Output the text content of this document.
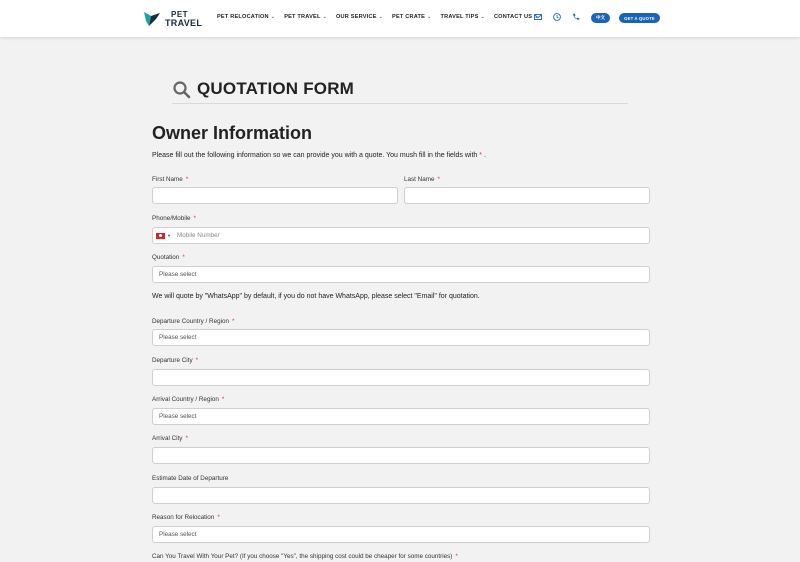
PET
TRAVEL
PET RELOCATION ⌄ PET TRAVEL ⌄ OUR SERVICE ⌄ PET CRATE ⌄ TRAVEL TIPS ⌄ CONTACT US ⌄	中文	GET A QUOTE
QUOTATION FORM
Owner Information
Please fill out the following information so we can provide you with a quote. You mush fill in the fields with * .
First Name *	Last Name *
Phone/Mobile *
▼ Mobile Number
Quotation *
Please select
We will quote by "WhatsApp" by default, if you do not have WhatsApp, please select "Email" for quotation.
Departure Country / Region *
Please select
Departure City *
Arrival Country / Region *
Please select
Arrival City *
Estimate Date of Departure
Reason for Relocation *
Please select
Can You Travel With Your Pet? (If you choose "Yes", the shipping cost could be cheaper for some countries) *
